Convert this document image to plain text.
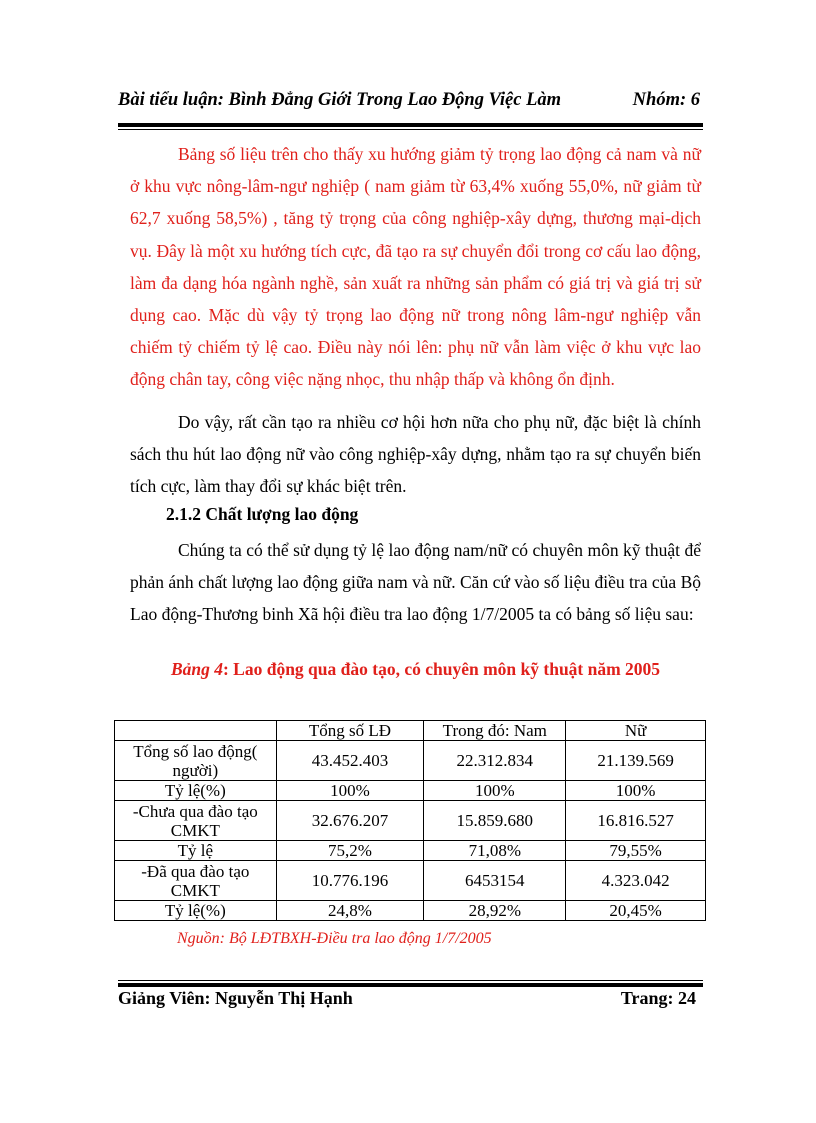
Bài tiểu luận: Bình Đẳng Giới Trong Lao Động Việc Làm	Nhóm: 6

Bảng số liệu trên cho thấy xu hướng giảm tỷ trọng lao động cả nam và nữ ở khu vực nông-lâm-ngư nghiệp ( nam giảm từ 63,4% xuống 55,0%, nữ giảm từ 62,7 xuống 58,5%) , tăng tỷ trọng của công nghiệp-xây dựng, thương mại-dịch vụ. Đây là một xu hướng tích cực, đã tạo ra sự chuyển đổi trong cơ cấu lao động, làm đa dạng hóa ngành nghề, sản xuất ra những sản phẩm có giá trị và giá trị sử dụng cao. Mặc dù vậy tỷ trọng lao động nữ trong nông lâm-ngư nghiệp vẫn chiếm tỷ chiếm tỷ lệ cao. Điều này nói lên: phụ nữ vẫn làm việc ở khu vực lao động chân tay, công việc nặng nhọc, thu nhập thấp và không ổn định.

Do vậy, rất cần tạo ra nhiều cơ hội hơn nữa cho phụ nữ, đặc biệt là chính sách thu hút lao động nữ vào công nghiệp-xây dựng, nhằm tạo ra sự chuyển biến tích cực, làm thay đổi sự khác biệt trên.

2.1.2 Chất lượng lao động

Chúng ta có thể sử dụng tỷ lệ lao động nam/nữ có chuyên môn kỹ thuật để phản ánh chất lượng lao động giữa nam và nữ. Căn cứ vào số liệu điều tra của Bộ Lao động-Thương binh Xã hội điều tra lao động 1/7/2005 ta có bảng số liệu sau:

Bảng 4: Lao động qua đào tạo, có chuyên môn kỹ thuật năm 2005
	Tổng số LĐ	Trong đó: Nam	Nữ
Tổng số lao động( người)	43.452.403	22.312.834	21.139.569
Tỷ lệ(%)	100%	100%	100%
-Chưa qua đào tạo CMKT	32.676.207	15.859.680	16.816.527
Tỷ lệ	75,2%	71,08%	79,55%
-Đã qua đào tạo CMKT	10.776.196	6453154	4.323.042
Tỷ lệ(%)	24,8%	28,92%	20,45%
Nguồn: Bộ LĐTBXH-Điều tra lao động 1/7/2005
Giảng Viên: Nguyễn Thị Hạnh	Trang: 24
